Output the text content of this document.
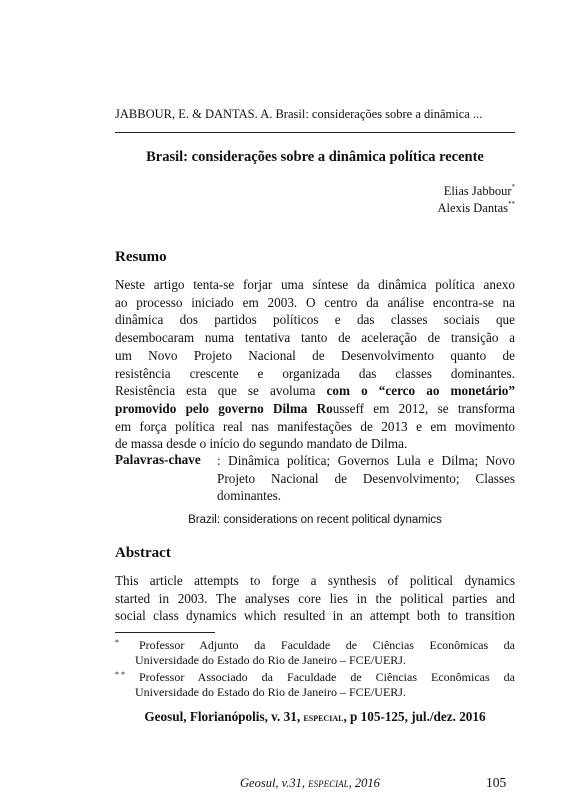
JABBOUR, E. & DANTAS. A. Brasil: considerações sobre a dinâmica ...
Brasil: considerações sobre a dinâmica política recente
Elias Jabbour*
Alexis Dantas**
Resumo
Neste artigo tenta-se forjar uma síntese da dinâmica política anexo
ao processo iniciado em 2003. O centro da análise encontra-se na
dinâmica dos partidos políticos e das classes sociais que
desembocaram numa tentativa tanto de aceleração de transição a
um Novo Projeto Nacional de Desenvolvimento quanto de
resistência crescente e organizada das classes dominantes.
Resistência esta que se avoluma com o “cerco ao monetário”
promovido pelo governo Dilma Rousseff em 2012, se transforma
em força política real nas manifestações de 2013 e em movimento
de massa desde o início do segundo mandato de Dilma.
Palavras-chave : Dinâmica política; Governos Lula e Dilma; Novo
Projeto Nacional de Desenvolvimento; Classes
dominantes.
Brazil: considerations on recent political dynamics
Abstract
This article attempts to forge a synthesis of political dynamics
started in 2003. The analyses core lies in the political parties and
social class dynamics which resulted in an attempt both to transition
*	Professor Adjunto da Faculdade de Ciências Econômicas da
Universidade do Estado do Rio de Janeiro – FCE/UERJ.
* *	Professor Associado da Faculdade de Ciências Econômicas da
Universidade do Estado do Rio de Janeiro – FCE/UERJ.
Geosul, Florianópolis, v. 31, especial, p 105-125, jul./dez. 2016
Geosul, v.31, especial, 2016	105
